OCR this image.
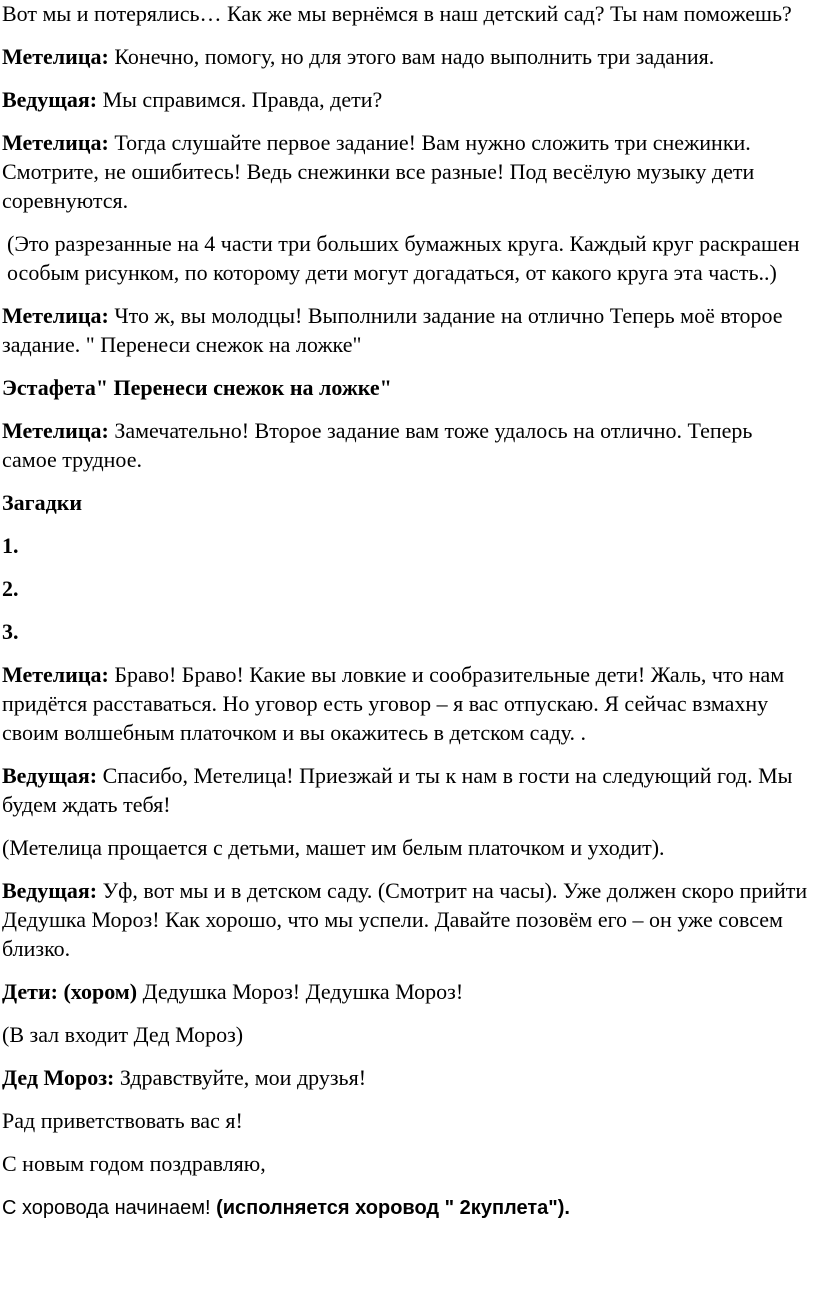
Вот мы и потерялись… Как же мы вернёмся в наш детский сад? Ты нам поможешь?

Метелица: Конечно, помогу, но для этого вам надо выполнить три задания.

Ведущая: Мы справимся. Правда, дети?

Метелица: Тогда слушайте первое задание! Вам нужно сложить три снежинки. Смотрите, не ошибитесь! Ведь снежинки все разные! Под весёлую музыку дети соревнуются.

(Это разрезанные на 4 части три больших бумажных круга. Каждый круг раскрашен особым рисунком, по которому дети могут догадаться, от какого круга эта часть..)

Метелица: Что ж, вы молодцы! Выполнили задание на отлично Теперь моё второе задание. " Перенеси снежок на ложке"

Эстафета" Перенеси снежок на ложке"

Метелица: Замечательно! Второе задание вам тоже удалось на отлично. Теперь самое трудное.

Загадки

1.

2.

3.

Метелица: Браво! Браво! Какие вы ловкие и сообразительные дети! Жаль, что нам придётся расставаться. Но уговор есть уговор – я вас отпускаю. Я сейчас взмахну своим волшебным платочком и вы окажитесь в детском саду. .

Ведущая: Спасибо, Метелица! Приезжай и ты к нам в гости на следующий год. Мы будем ждать тебя!

(Метелица прощается с детьми, машет им белым платочком и уходит).

Ведущая: Уф, вот мы и в детском саду. (Смотрит на часы). Уже должен скоро прийти Дедушка Мороз! Как хорошо, что мы успели. Давайте позовём его – он уже совсем близко.

Дети: (хором) Дедушка Мороз! Дедушка Мороз!

(В зал входит Дед Мороз)

Дед Мороз: Здравствуйте, мои друзья!

Рад приветствовать вас я!

С новым годом поздравляю,

С хоровода начинаем! (исполняется хоровод " 2куплета").
